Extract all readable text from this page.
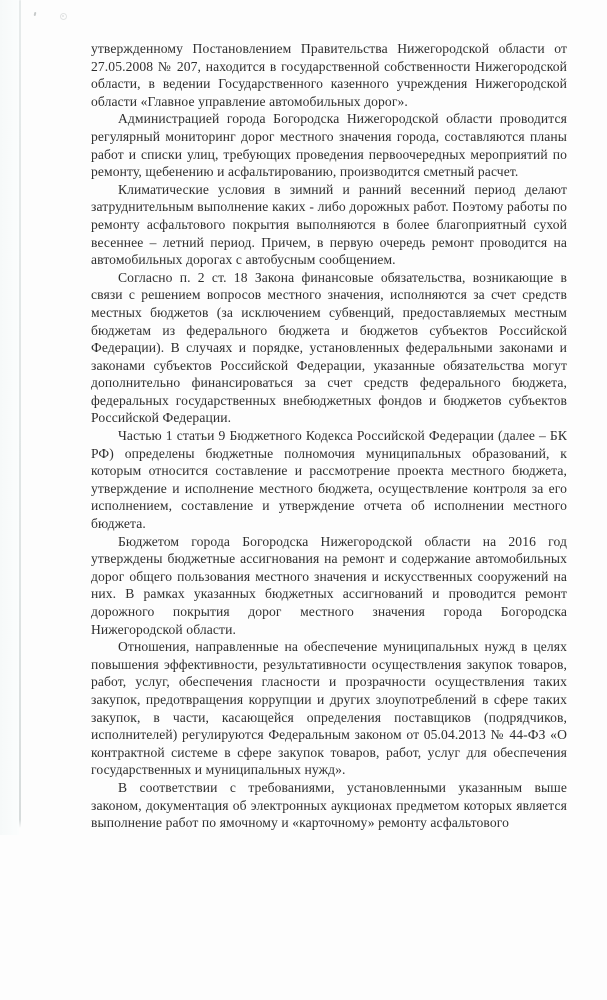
утвержденному Постановлением Правительства Нижегородской области от 27.05.2008 № 207, находится в государственной собственности Нижегородской области, в ведении Государственного казенного учреждения Нижегородской области «Главное управление автомобильных дорог».

Администрацией города Богородска Нижегородской области проводится регулярный мониторинг дорог местного значения города, составляются планы работ и списки улиц, требующих проведения первоочередных мероприятий по ремонту, щебенению и асфальтированию, производится сметный расчет.

Климатические условия в зимний и ранний весенний период делают затруднительным выполнение каких - либо дорожных работ. Поэтому работы по ремонту асфальтового покрытия выполняются в более благоприятный сухой весеннее – летний период. Причем, в первую очередь ремонт проводится на автомобильных дорогах с автобусным сообщением.

Согласно п. 2 ст. 18 Закона финансовые обязательства, возникающие в связи с решением вопросов местного значения, исполняются за счет средств местных бюджетов (за исключением субвенций, предоставляемых местным бюджетам из федерального бюджета и бюджетов субъектов Российской Федерации). В случаях и порядке, установленных федеральными законами и законами субъектов Российской Федерации, указанные обязательства могут дополнительно финансироваться за счет средств федерального бюджета, федеральных государственных внебюджетных фондов и бюджетов субъектов Российской Федерации.

Частью 1 статьи 9 Бюджетного Кодекса Российской Федерации (далее – БК РФ) определены бюджетные полномочия муниципальных образований, к которым относится составление и рассмотрение проекта местного бюджета, утверждение и исполнение местного бюджета, осуществление контроля за его исполнением, составление и утверждение отчета об исполнении местного бюджета.

Бюджетом города Богородска Нижегородской области на 2016 год утверждены бюджетные ассигнования на ремонт и содержание автомобильных дорог общего пользования местного значения и искусственных сооружений на них. В рамках указанных бюджетных ассигнований и проводится ремонт дорожного покрытия дорог местного значения города Богородска Нижегородской области.

Отношения, направленные на обеспечение муниципальных нужд в целях повышения эффективности, результативности осуществления закупок товаров, работ, услуг, обеспечения гласности и прозрачности осуществления таких закупок, предотвращения коррупции и других злоупотреблений в сфере таких закупок, в части, касающейся определения поставщиков (подрядчиков, исполнителей) регулируются Федеральным законом от 05.04.2013 № 44-ФЗ «О контрактной системе в сфере закупок товаров, работ, услуг для обеспечения государственных и муниципальных нужд».

В соответствии с требованиями, установленными указанным выше законом, документация об электронных аукционах предметом которых является выполнение работ по ямочному и «карточному» ремонту асфальтового
